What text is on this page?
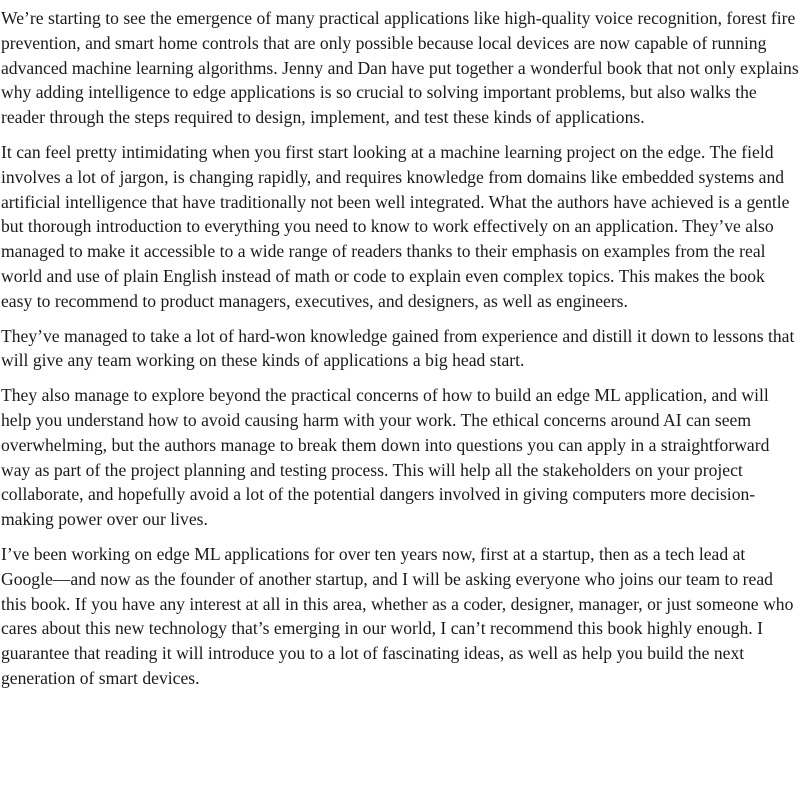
We’re starting to see the emergence of many practical applications like high-quality voice recognition, forest fire prevention, and smart home controls that are only possible because local devices are now capable of running advanced machine learning algorithms. Jenny and Dan have put together a wonderful book that not only explains why adding intelligence to edge applications is so crucial to solving important problems, but also walks the reader through the steps required to design, implement, and test these kinds of applications.

It can feel pretty intimidating when you first start looking at a machine learning project on the edge. The field involves a lot of jargon, is changing rapidly, and requires knowledge from domains like embedded systems and artificial intelligence that have traditionally not been well integrated. What the authors have achieved is a gentle but thorough introduction to everything you need to know to work effectively on an application. They’ve also managed to make it accessible to a wide range of readers thanks to their emphasis on examples from the real world and use of plain English instead of math or code to explain even complex topics. This makes the book easy to recommend to product managers, executives, and designers, as well as engineers.

They’ve managed to take a lot of hard-won knowledge gained from experience and distill it down to lessons that will give any team working on these kinds of applications a big head start.

They also manage to explore beyond the practical concerns of how to build an edge ML application, and will help you understand how to avoid causing harm with your work. The ethical concerns around AI can seem overwhelming, but the authors manage to break them down into questions you can apply in a straightforward way as part of the project planning and testing process. This will help all the stakeholders on your project collaborate, and hopefully avoid a lot of the potential dangers involved in giving computers more decision-making power over our lives.

I’ve been working on edge ML applications for over ten years now, first at a startup, then as a tech lead at Google—and now as the founder of another startup, and I will be asking everyone who joins our team to read this book. If you have any interest at all in this area, whether as a coder, designer, manager, or just someone who cares about this new technology that’s emerging in our world, I can’t recommend this book highly enough. I guarantee that reading it will introduce you to a lot of fascinating ideas, as well as help you build the next generation of smart devices.
